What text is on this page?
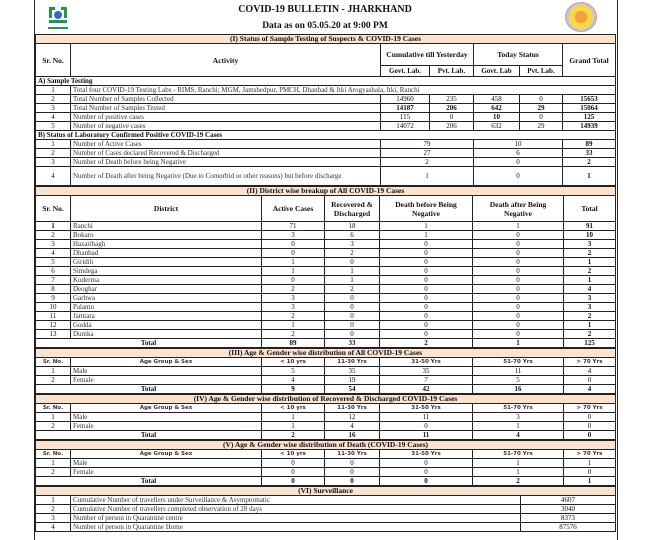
COVID-19 BULLETIN - JHARKHAND
Data as on 05.05.20 at 9:00 PM
(I) Status of Sample Testing of Suspects & COVID-19 Cases						
Sr. No.	Activity	Cumulative till Yesterday		Today Status		Grand Total
		Govt. Lab.	Pvt. Lab.	Govt. Lab	Pvt. Lab.	
A) Sample Testing						
1	Total four COVID-19 Testing Labs - RIMS, Ranchi; MGM, Jamshedpur, PMCH, Dhanbad & Itki Arogyashala, Itki, Ranchi					
2	Total Number of Samples Collected	14960	235	458	0	15653
3	Total Number of Samples Tested	14187	206	642	29	15064
4	Number of positive cases	115	0	10	0	125
5	Number of negative cases	14072	206	632	29	14939
B) Status of Laboratory Confirmed Positive COVID-19 Cases						
1	Number of Active Cases	79		10		89
2	Number of Cases declared Recovered & Discharged	27		6		33
3	Number of Death before being Negative	2		0		2
4	Number of Death after being Negative (Due to Comorbid or other reasons) but before discharge	1		0		1
(II) District wise breakup of All COVID-19 Cases						
Sr. No.	District	Active Cases	Recovered & Discharged	Death before Being Negative	Death after Being Negative	Total
1	Ranchi	71	18	1	1	91
2	Bokaro	3	6	1	0	10
3	Hazaribagh	0	3	0	0	3
4	Dhanbad	0	2	0	0	2
5	Giridih	1	0	0	0	1
6	Simdega	1	1	0	0	2
7	Koderma	0	1	0	0	1
8	Deoghar	2	2	0	0	4
9	Garhwa	3	0	0	0	3
10	Palamu	3	0	0	0	3
11	Jamtara	2	0	0	0	2
12	Godda	1	0	0	0	1
13	Dumka	2	0	0	0	2
Total		89	33	2	1	125
(III) Age & Gender wise distribution of All COVID-19 Cases						
Sr. No.	Age Group & Sex	< 10 yrs	11-30 Yrs	31-50 Yrs	51-70 Yrs	> 70 Yrs
1	Male	5	35	35	11	4
2	Female	4	19	7	5	0
Total		9	54	42	16	4
(IV) Age & Gender wise distribution of Recovered & Discharged COVID-19 Cases						
Sr. No.	Age Group & Sex	< 10 yrs	11-30 Yrs	31-50 Yrs	51-70 Yrs	> 70 Yrs
1	Male	1	12	11	3	0
2	Female	1	4	0	1	0
Total		2	16	11	4	0
(V) Age & Gender wise distribution of Death (COVID-19 Cases)						
Sr. No.	Age Group & Sex	< 10 yrs	11-30 Yrs	31-50 Yrs	51-70 Yrs	> 70 Yrs
1	Male	0	0	0	1	1
2	Female	0	0	0	1	0
Total		0	0	0	2	1
(VI) Surveillance		
1	Cumulative Number of travellers under Surveillance & Asymptomatic	4607
2	Cumulative Number of travellers completed observation of 28 days	3040
3	Number of person in Quarantine centre	8373
4	Number of person in Quarantine Home	87576
